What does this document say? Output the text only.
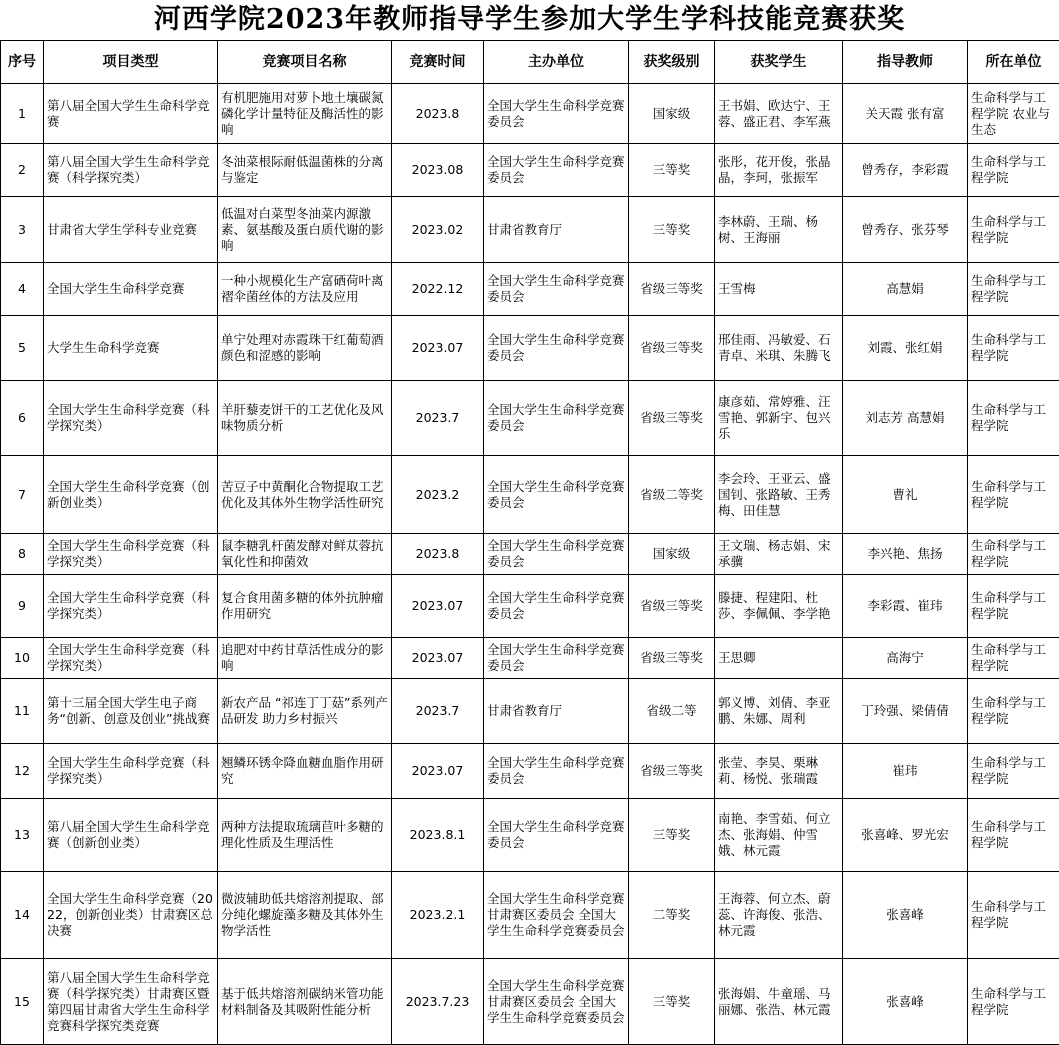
河西学院2023年教师指导学生参加大学生学科技能竞赛获奖
序号	项目类型	竞赛项目名称	竞赛时间	主办单位	获奖级别	获奖学生	指导教师	所在单位

1	第八届全国大学生生命科学竞赛	有机肥施用对萝卜地土壤碳氮磷化学计量特征及酶活性的影响	2023.8	全国大学生生命科学竞赛委员会	国家级	王书娟、欧达宁、王蓉、盛正君、李军燕	关天霞 张有富	生命科学与工程学院 农业与生态

2	第八届全国大学生生命科学竞赛（科学探究类）	冬油菜根际耐低温菌株的分离与鉴定	2023.08	全国大学生生命科学竞赛委员会	三等奖	张彤，花开俊，张晶晶，李珂，张振军	曾秀存，李彩霞	生命科学与工程学院

3	甘肃省大学生学科专业竞赛	低温对白菜型冬油菜内源激素、氨基酸及蛋白质代谢的影响	2023.02	甘肃省教育厅	三等奖	李林蔚、王瑞、杨树、王海丽	曾秀存、张芬琴	生命科学与工程学院

4	全国大学生生命科学竞赛	一种小规模化生产富硒荷叶离褶伞菌丝体的方法及应用	2022.12	全国大学生生命科学竞赛委员会	省级三等奖	王雪梅	高慧娟	生命科学与工程学院

5	大学生生命科学竞赛	单宁处理对赤霞珠干红葡萄酒颜色和涩感的影响	2023.07	全国大学生生命科学竞赛委员会	省级三等奖	邢佳雨、冯敏爱、石青卓、米琪、朱腾飞	刘霞、张红娟	生命科学与工程学院

6	全国大学生生命科学竞赛（科学探究类）	羊肝藜麦饼干的工艺优化及风味物质分析	2023.7	全国大学生生命科学竞赛委员会	省级三等奖	康彦茹、常婷雅、汪雪艳、郭新宇、包兴乐	刘志芳 高慧娟	生命科学与工程学院

7	全国大学生生命科学竞赛（创新创业类）	苦豆子中黄酮化合物提取工艺优化及其体外生物学活性研究	2023.2	全国大学生生命科学竞赛委员会	省级二等奖	李会玲、王亚云、盛国钊、张路敏、王秀梅、田佳慧	曹礼	生命科学与工程学院

8	全国大学生生命科学竞赛（科学探究类）	鼠李糖乳杆菌发酵对鲜苁蓉抗氧化性和抑菌效	2023.8	全国大学生生命科学竞赛委员会	国家级	王文瑞、杨志娟、宋承骥	李兴艳、焦扬	生命科学与工程学院

9	全国大学生生命科学竞赛（科学探究类）	复合食用菌多糖的体外抗肿瘤作用研究	2023.07	全国大学生生命科学竞赛委员会	省级三等奖	滕捷、程建阳、杜莎、李佩佩、李学艳	李彩霞、崔玮	生命科学与工程学院

10	全国大学生生命科学竞赛（科学探究类）	追肥对中药甘草活性成分的影响	2023.07	全国大学生生命科学竞赛委员会	省级三等奖	王思卿	高海宁	生命科学与工程学院

11	第十三届全国大学生电子商务“创新、创意及创业”挑战赛	新农产品 “祁连丁丁菇”系列产品研发 助力乡村振兴	2023.7	甘肃省教育厅	省级二等	郭义博、刘倩、李亚鹏、朱娜、周利	丁玲强、梁倩倩	生命科学与工程学院

12	全国大学生生命科学竞赛（科学探究类）	翘鳞环锈伞降血糖血脂作用研究	2023.07	全国大学生生命科学竞赛委员会	省级三等奖	张莹、李昊、栗琳莉、杨悦、张瑞霞	崔玮	生命科学与工程学院

13	第八届全国大学生生命科学竞赛（创新创业类）	两种方法提取琉璃苣叶多糖的理化性质及生理活性	2023.8.1	全国大学生生命科学竞赛委员会	三等奖	南艳、李雪茹、何立杰、张海娟、仲雪娥、林元霞	张喜峰、罗光宏	生命科学与工程学院

14	全国大学生生命科学竞赛（2022，创新创业类）甘肃赛区总决赛	微波辅助低共熔溶剂提取、部分纯化螺旋藻多糖及其体外生物学活性	2023.2.1	全国大学生生命科学竞赛甘肃赛区委员会 全国大学生生命科学竞赛委员会	二等奖	王海蓉、何立杰、蔚蕊、许海俊、张浩、林元霞	张喜峰	生命科学与工程学院

15	第八届全国大学生生命科学竞赛（科学探究类）甘肃赛区暨第四届甘肃省大学生生命科学竞赛科学探究类竞赛	基于低共熔溶剂碳纳米管功能材料制备及其吸附性能分析	2023.7.23	全国大学生生命科学竞赛甘肃赛区委员会 全国大学生生命科学竞赛委员会	三等奖	张海娟、牛童瑶、马丽娜、张浩、林元霞	张喜峰	生命科学与工程学院
